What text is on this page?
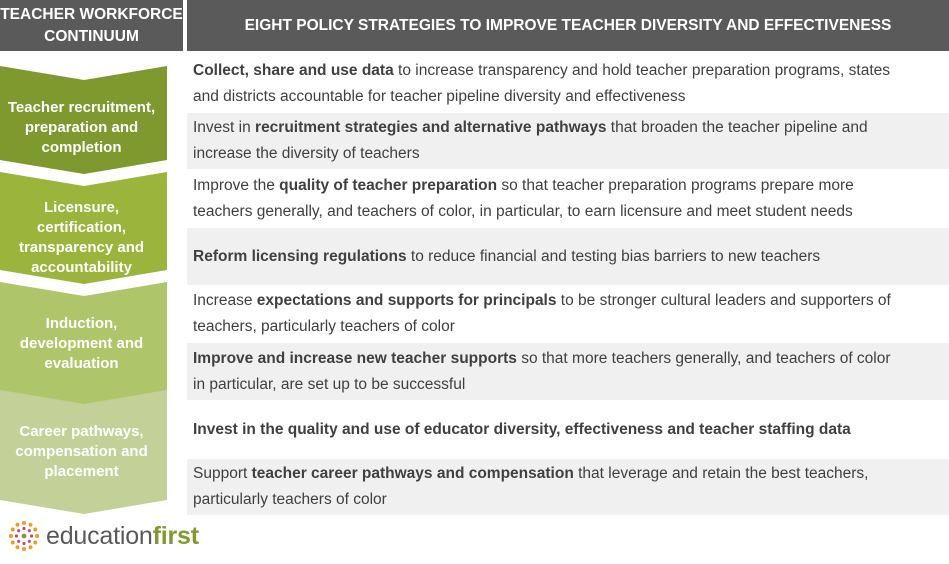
TEACHER WORKFORCE
CONTINUUM
EIGHT POLICY STRATEGIES TO IMPROVE TEACHER DIVERSITY AND EFFECTIVENESS
Teacher recruitment,
preparation and
completion
Licensure,
certification,
transparency and
accountability
Induction,
development and
evaluation
Career pathways,
compensation and
placement
Collect, share and use data to increase transparency and hold teacher preparation programs, states
and districts accountable for teacher pipeline diversity and effectiveness
Invest in recruitment strategies and alternative pathways that broaden the teacher pipeline and
increase the diversity of teachers
Improve the quality of teacher preparation so that teacher preparation programs prepare more
teachers generally, and teachers of color, in particular, to earn licensure and meet student needs
Reform licensing regulations to reduce financial and testing bias barriers to new teachers
Increase expectations and supports for principals to be stronger cultural leaders and supporters of
teachers, particularly teachers of color
Improve and increase new teacher supports so that more teachers generally, and teachers of color
in particular, are set up to be successful
Invest in the quality and use of educator diversity, effectiveness and teacher staffing data
Support teacher career pathways and compensation that leverage and retain the best teachers,
particularly teachers of color
educationfirst
